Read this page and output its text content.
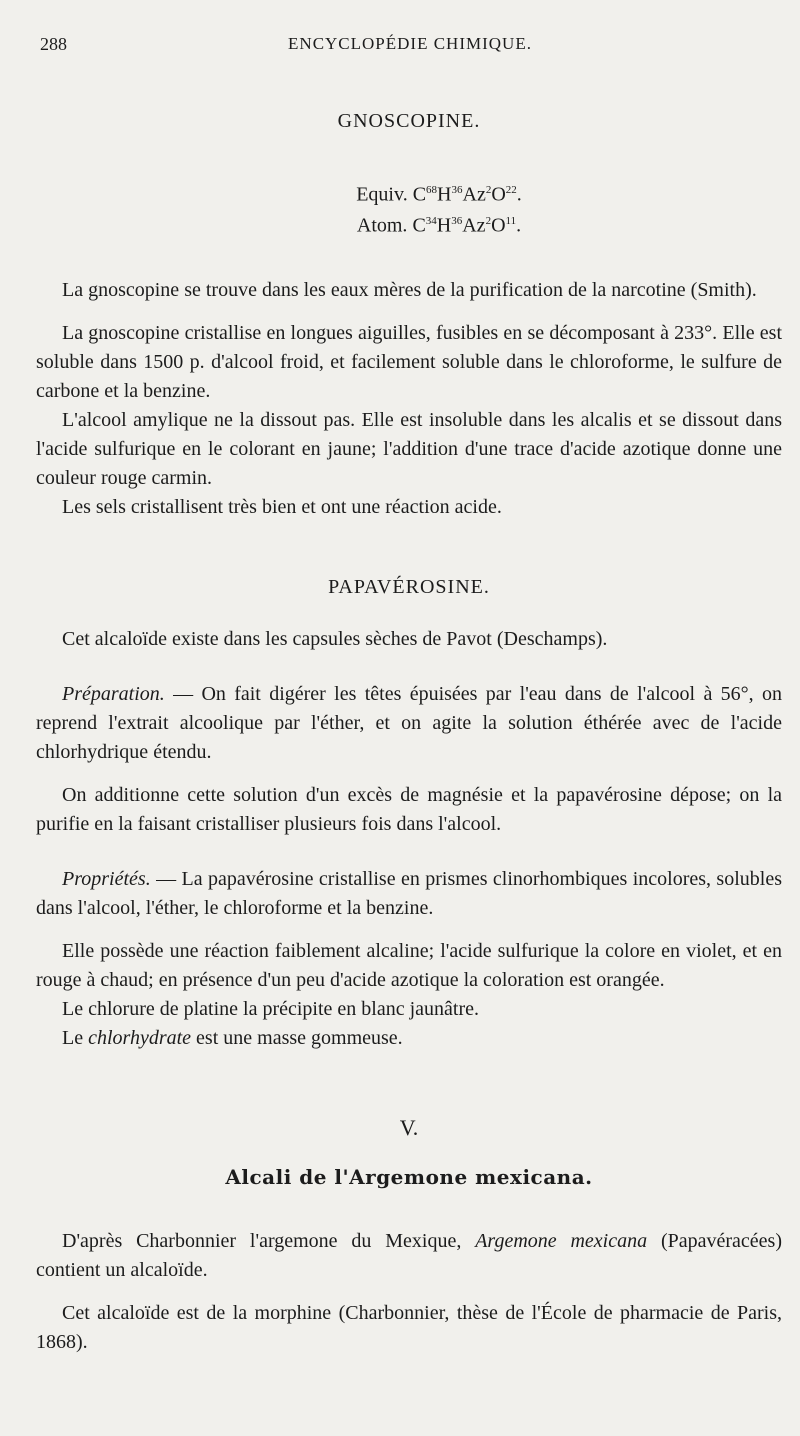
288	ENCYCLOPÉDIE CHIMIQUE.
GNOSCOPINE.
Equiv. $C^{68}H^{36}Az^2O^{22}$.
Atom. $C^{34}H^{36}Az^2O^{11}$.

La gnoscopine se trouve dans les eaux mères de la purification de la narcotine (Smith).

La gnoscopine cristallise en longues aiguilles, fusibles en se décomposant à 233°. Elle est soluble dans 1500 p. d'alcool froid, et facilement soluble dans le chloroforme, le sulfure de carbone et la benzine.

L'alcool amylique ne la dissout pas. Elle est insoluble dans les alcalis et se dissout dans l'acide sulfurique en le colorant en jaune; l'addition d'une trace d'acide azotique donne une couleur rouge carmin.

Les sels cristallisent très bien et ont une réaction acide.

PAPAVÉROSINE.

Cet alcaloïde existe dans les capsules sèches de Pavot (Deschamps).

Préparation. — On fait digérer les têtes épuisées par l'eau dans de l'alcool à 56°, on reprend l'extrait alcoolique par l'éther, et on agite la solution éthérée avec de l'acide chlorhydrique étendu.

On additionne cette solution d'un excès de magnésie et la papavérosine dépose; on la purifie en la faisant cristalliser plusieurs fois dans l'alcool.

Propriétés. — La papavérosine cristallise en prismes clinorhombiques incolores, solubles dans l'alcool, l'éther, le chloroforme et la benzine.

Elle possède une réaction faiblement alcaline; l'acide sulfurique la colore en violet, et en rouge à chaud; en présence d'un peu d'acide azotique la coloration est orangée.

Le chlorure de platine la précipite en blanc jaunâtre.

Le chlorhydrate est une masse gommeuse.

V.
Alcali de l'Argemone mexicana.

D'après Charbonnier l'argemone du Mexique, Argemone mexicana (Papavéracées) contient un alcaloïde.

Cet alcaloïde est de la morphine (Charbonnier, thèse de l'École de pharmacie de Paris, 1868).
